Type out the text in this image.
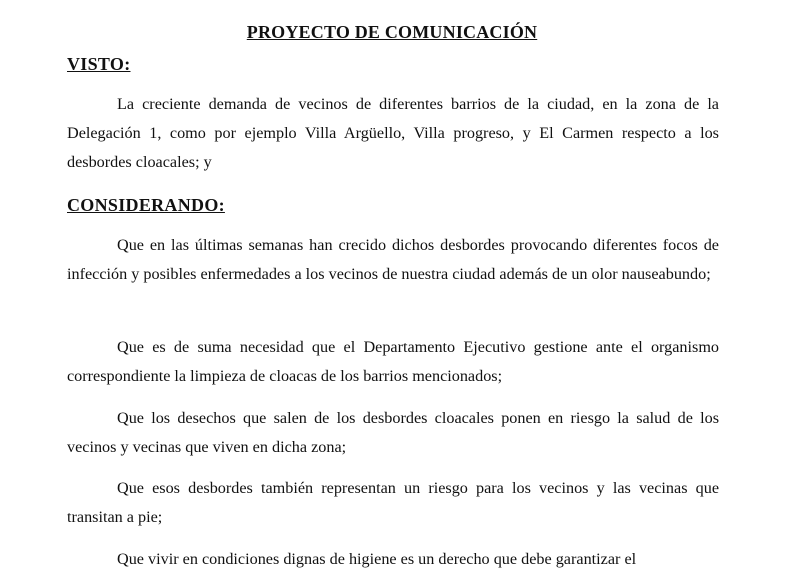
PROYECTO DE COMUNICACIÓN
VISTO:

La creciente demanda de vecinos de diferentes barrios de la ciudad, en la zona de la Delegación 1, como por ejemplo Villa Argüello, Villa progreso, y El Carmen respecto a los desbordes cloacales; y

CONSIDERANDO:

Que en las últimas semanas han crecido dichos desbordes provocando diferentes focos de infección y posibles enfermedades a los vecinos de nuestra ciudad además de un olor nauseabundo;

Que es de suma necesidad que el Departamento Ejecutivo gestione ante el organismo correspondiente la limpieza de cloacas de los barrios mencionados;

Que los desechos que salen de los desbordes cloacales ponen en riesgo la salud de los vecinos y vecinas que viven en dicha zona;

Que esos desbordes también representan un riesgo para los vecinos y las vecinas que transitan a pie;

Que vivir en condiciones dignas de higiene es un derecho que debe garantizar el
